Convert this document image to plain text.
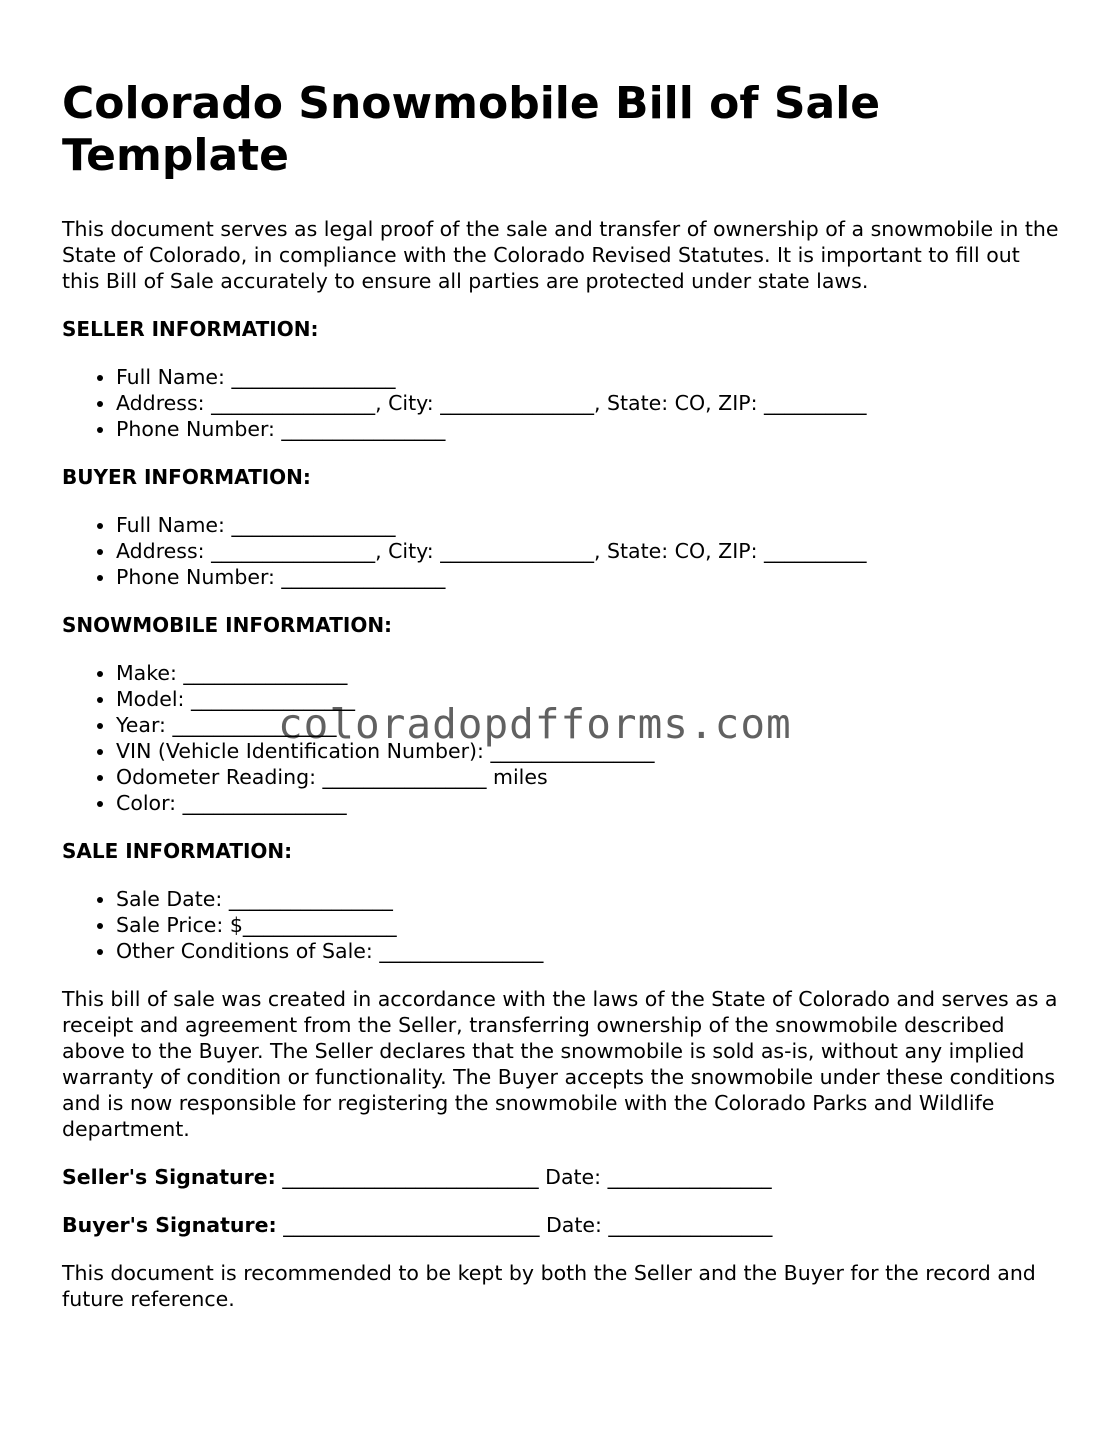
Colorado Snowmobile Bill of Sale Template

This document serves as legal proof of the sale and transfer of ownership of a snowmobile in the State of Colorado, in compliance with the Colorado Revised Statutes. It is important to fill out this Bill of Sale accurately to ensure all parties are protected under state laws.

SELLER INFORMATION:
• Full Name: ________________
• Address: ________________, City: _______________, State: CO, ZIP: __________
• Phone Number: ________________
BUYER INFORMATION:
• Full Name: ________________
• Address: ________________, City: _______________, State: CO, ZIP: __________
• Phone Number: ________________
SNOWMOBILE INFORMATION:
• Make: ________________
• Model: ________________
• Year: ________________
• VIN (Vehicle Identification Number): ________________
• Odometer Reading: ________________ miles
• Color: ________________
SALE INFORMATION:
• Sale Date: ________________
• Sale Price: $_______________
• Other Conditions of Sale: ________________

This bill of sale was created in accordance with the laws of the State of Colorado and serves as a receipt and agreement from the Seller, transferring ownership of the snowmobile described above to the Buyer. The Seller declares that the snowmobile is sold as-is, without any implied warranty of condition or functionality. The Buyer accepts the snowmobile under these conditions and is now responsible for registering the snowmobile with the Colorado Parks and Wildlife department.

Seller's Signature: _________________________ Date: ________________
Buyer's Signature: _________________________ Date: ________________

This document is recommended to be kept by both the Seller and the Buyer for the record and future reference.

coloradopdfforms.com
